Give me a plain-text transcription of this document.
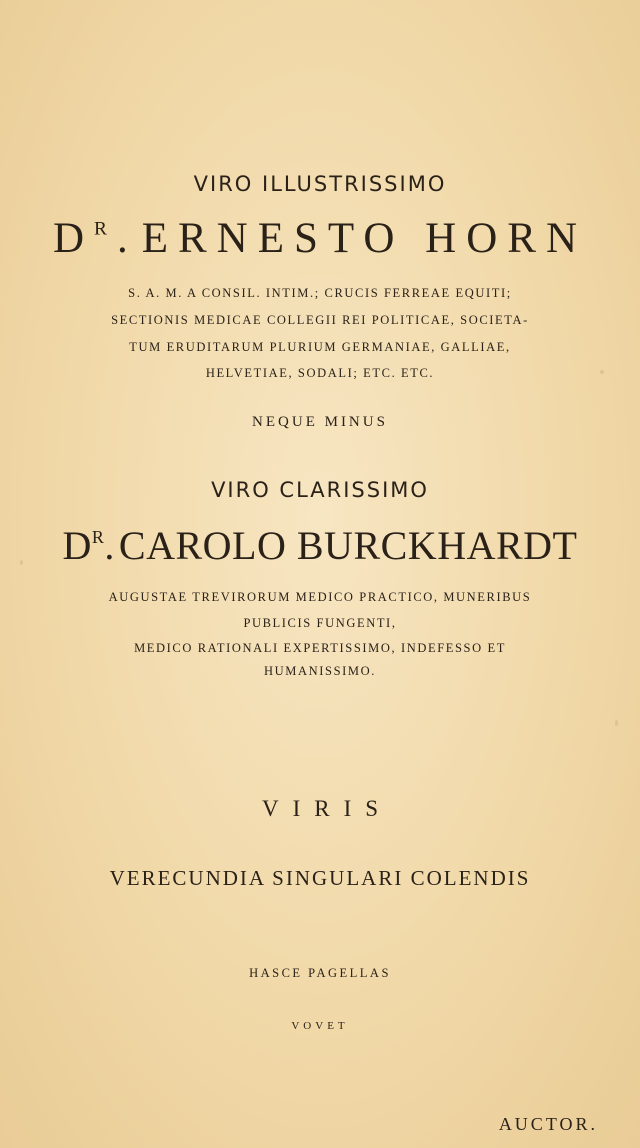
VIRO ILLUSTRISSIMO
$D^R$. ERNESTO HORN
S. A. M. A CONSIL. INTIM.; CRUCIS FERREAE EQUITI;
SECTIONIS MEDICAE COLLEGII REI POLITICAE, SOCIETA-
TUM ERUDITARUM PLURIUM GERMANIAE, GALLIAE,
HELVETIAE, SODALI; ETC. ETC.
NEQUE MINUS
VIRO CLARISSIMO
$D^R$. CAROLO BURCKHARDT
AUGUSTAE TREVIRORUM MEDICO PRACTICO, MUNERIBUS
PUBLICIS FUNGENTI,
MEDICO RATIONALI EXPERTISSIMO, INDEFESSO ET
HUMANISSIMO.
VIRIS
VERECUNDIA SINGULARI COLENDIS
HASCE PAGELLAS
VOVET
AUCTOR.
